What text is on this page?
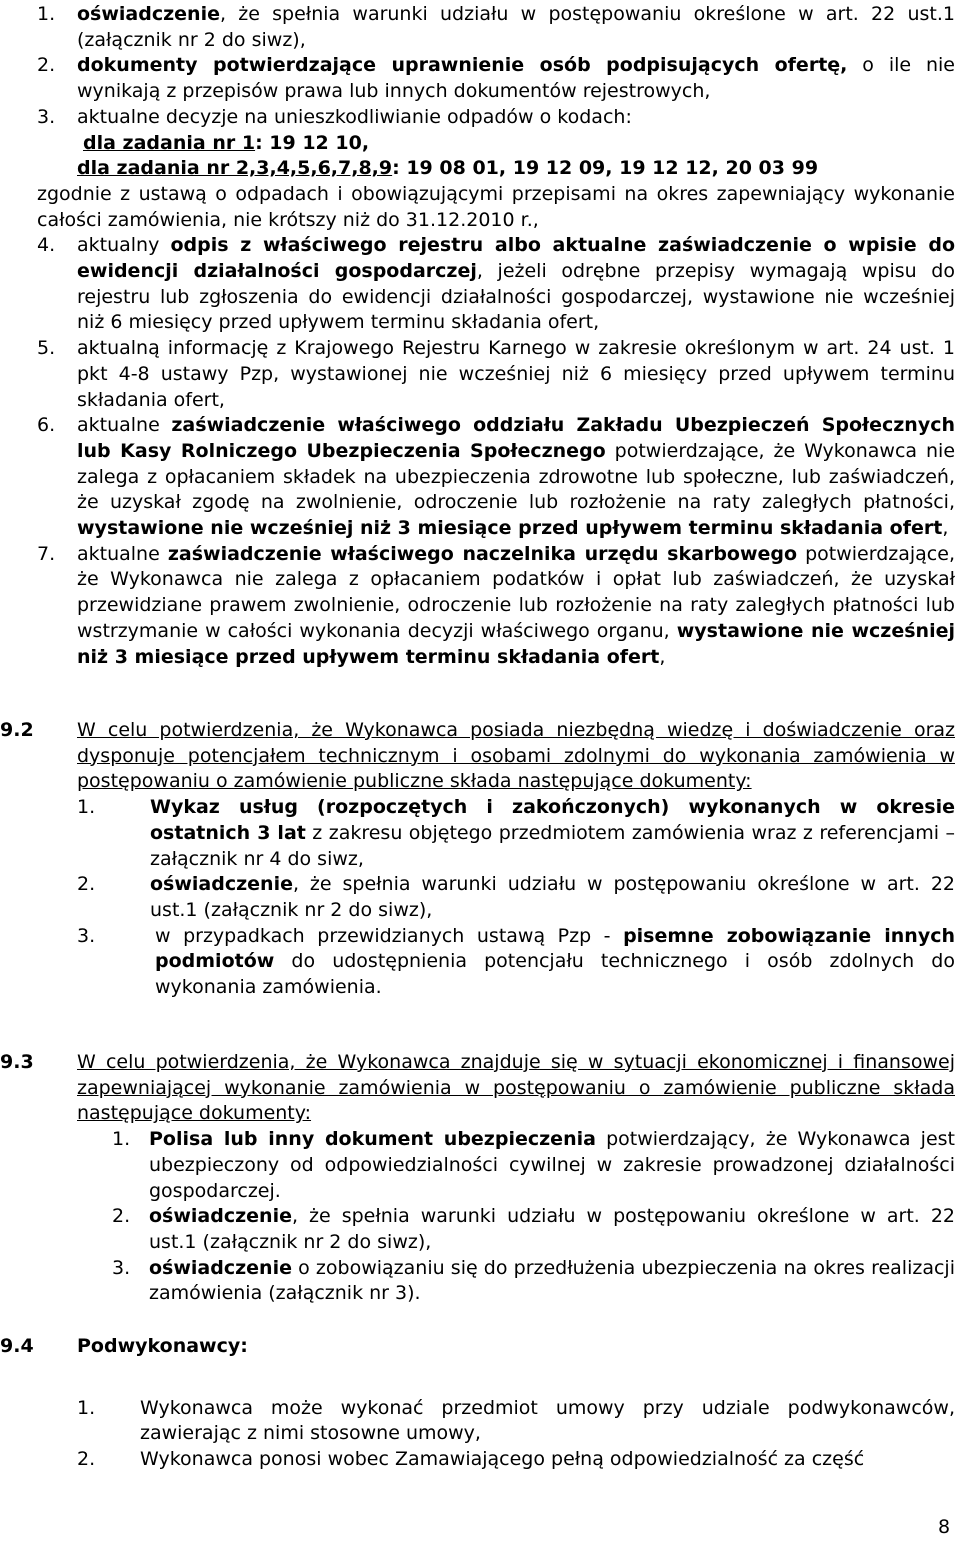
1. oświadczenie, że spełnia warunki udziału w postępowaniu określone w art. 22 ust.1 (załącznik nr 2 do siwz),
2. dokumenty potwierdzające uprawnienie osób podpisujących ofertę, o ile nie wynikają z przepisów prawa lub innych dokumentów rejestrowych,
3. aktualne decyzje na unieszkodliwianie odpadów o kodach:
dla zadania nr 1: 19 12 10,
dla zadania nr 2,3,4,5,6,7,8,9: 19 08 01, 19 12 09, 19 12 12, 20 03 99
zgodnie z ustawą o odpadach i obowiązującymi przepisami na okres zapewniający wykonanie całości zamówienia, nie krótszy niż do 31.12.2010 r.,
4. aktualny odpis z właściwego rejestru albo aktualne zaświadczenie o wpisie do ewidencji działalności gospodarczej, jeżeli odrębne przepisy wymagają wpisu do rejestru lub zgłoszenia do ewidencji działalności gospodarczej, wystawione nie wcześniej niż 6 miesięcy przed upływem terminu składania ofert,
5. aktualną informację z Krajowego Rejestru Karnego w zakresie określonym w art. 24 ust. 1 pkt 4-8 ustawy Pzp, wystawionej nie wcześniej niż 6 miesięcy przed upływem terminu składania ofert,
6. aktualne zaświadczenie właściwego oddziału Zakładu Ubezpieczeń Społecznych lub Kasy Rolniczego Ubezpieczenia Społecznego potwierdzające, że Wykonawca nie zalega z opłacaniem składek na ubezpieczenia zdrowotne lub społeczne, lub zaświadczeń, że uzyskał zgodę na zwolnienie, odroczenie lub rozłożenie na raty zaległych płatności, wystawione nie wcześniej niż 3 miesiące przed upływem terminu składania ofert,
7. aktualne zaświadczenie właściwego naczelnika urzędu skarbowego potwierdzające, że Wykonawca nie zalega z opłacaniem podatków i opłat lub zaświadczeń, że uzyskał przewidziane prawem zwolnienie, odroczenie lub rozłożenie na raty zaległych płatności lub wstrzymanie w całości wykonania decyzji właściwego organu, wystawione nie wcześniej niż 3 miesiące przed upływem terminu składania ofert,
9.2 W celu potwierdzenia, że Wykonawca posiada niezbędną wiedzę i doświadczenie oraz dysponuje potencjałem technicznym i osobami zdolnymi do wykonania zamówienia w postępowaniu o zamówienie publiczne składa następujące dokumenty:
1.	Wykaz usług (rozpoczętych i zakończonych) wykonanych w okresie ostatnich 3 lat z zakresu objętego przedmiotem zamówienia wraz z referencjami – załącznik nr 4 do siwz,
2.	oświadczenie, że spełnia warunki udziału w postępowaniu określone w art. 22 ust.1 (załącznik nr 2 do siwz),
3.	w przypadkach przewidzianych ustawą Pzp - pisemne zobowiązanie innych podmiotów do udostępnienia potencjału technicznego i osób zdolnych do wykonania zamówienia.
9.3 W celu potwierdzenia, że Wykonawca znajduje się w sytuacji ekonomicznej i finansowej zapewniającej wykonanie zamówienia w postępowaniu o zamówienie publiczne składa następujące dokumenty:
1. Polisa lub inny dokument ubezpieczenia potwierdzający, że Wykonawca jest ubezpieczony od odpowiedzialności cywilnej w zakresie prowadzonej działalności gospodarczej.
2. oświadczenie, że spełnia warunki udziału w postępowaniu określone w art. 22 ust.1 (załącznik nr 2 do siwz),
3. oświadczenie o zobowiązaniu się do przedłużenia ubezpieczenia na okres realizacji zamówienia (załącznik nr 3).
9.4 Podwykonawcy:
1. Wykonawca może wykonać przedmiot umowy przy udziale podwykonawców, zawierając z nimi stosowne umowy,
2. Wykonawca ponosi wobec Zamawiającego pełną odpowiedzialność za część
8
